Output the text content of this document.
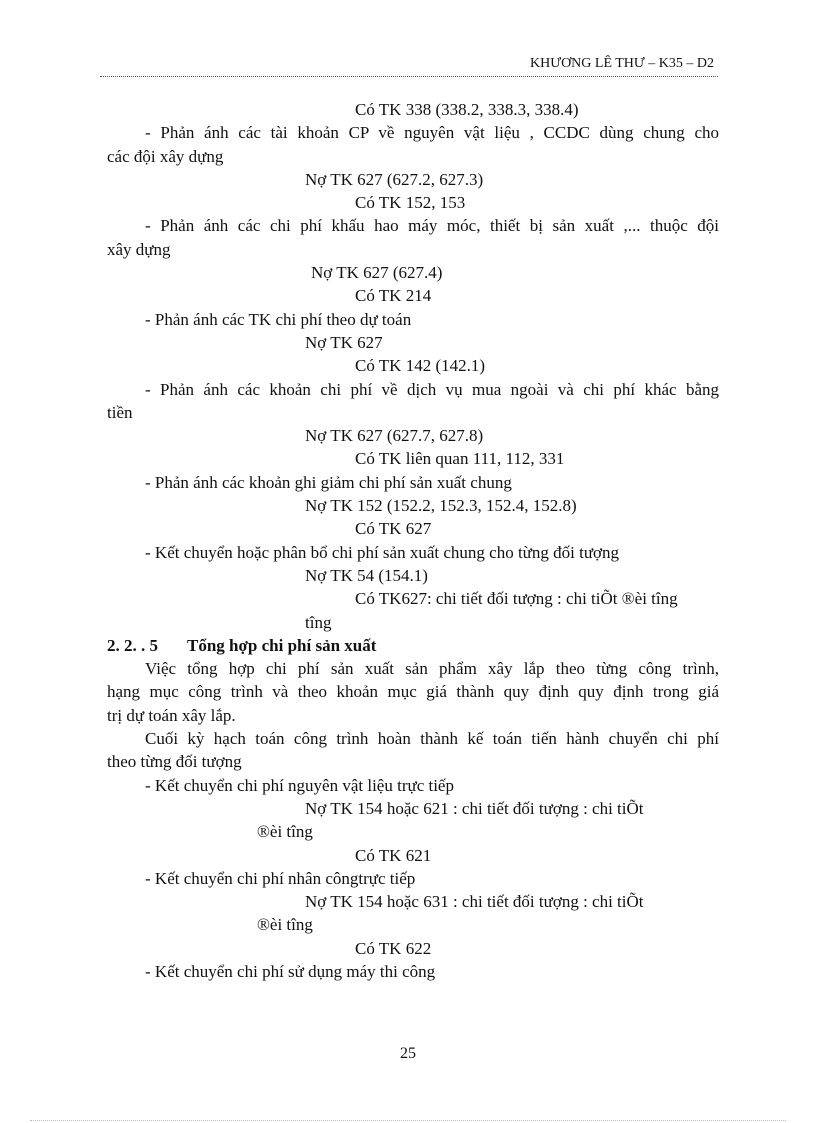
KHƯƠNG LÊ THƯ – K35 – D2
Có TK 338 (338.2, 338.3, 338.4)
- Phản ánh các tài khoản CP về nguyên vật liệu , CCDC dùng chung cho
các đội xây dựng
Nợ TK 627 (627.2, 627.3)
Có TK 152, 153
- Phản ánh các chi phí khấu hao máy móc, thiết bị sản xuất ,... thuộc đội
xây dựng
Nợ TK 627 (627.4)
Có TK 214
- Phản ánh các TK chi phí theo dự toán
Nợ TK 627
Có TK 142 (142.1)
- Phản ánh các khoản chi phí về dịch vụ mua ngoài và chi phí khác bằng
tiền
Nợ TK 627 (627.7, 627.8)
Có TK liên quan 111, 112, 331
- Phản ánh các khoản ghi giảm chi phí sản xuất chung
Nợ TK 152 (152.2, 152.3, 152.4, 152.8)
Có TK 627
- Kết chuyển hoặc phân bổ chi phí sản xuất chung cho từng đối tượng
Nợ TK 54 (154.1)
Có TK627: chi tiết đối tượng : chi tiÕt ®èi tîng
tîng
2. 2. . 5 Tổng hợp chi phí sản xuất
Việc tổng hợp chi phí sản xuất sản phẩm xây lắp theo từng công trình,
hạng mục công trình và theo khoản mục giá thành quy định quy định trong giá
trị dự toán xây lắp.
Cuối kỳ hạch toán công trình hoàn thành kế toán tiến hành chuyển chi phí
theo từng đối tượng
- Kết chuyển chi phí nguyên vật liệu trực tiếp
Nợ TK 154 hoặc 621 : chi tiết đối tượng : chi tiÕt
®èi tîng
Có TK 621
- Kết chuyển chi phí nhân côngtrực tiếp
Nợ TK 154 hoặc 631 : chi tiết đối tượng : chi tiÕt
®èi tîng
Có TK 622
- Kết chuyển chi phí sử dụng máy thi công
25
